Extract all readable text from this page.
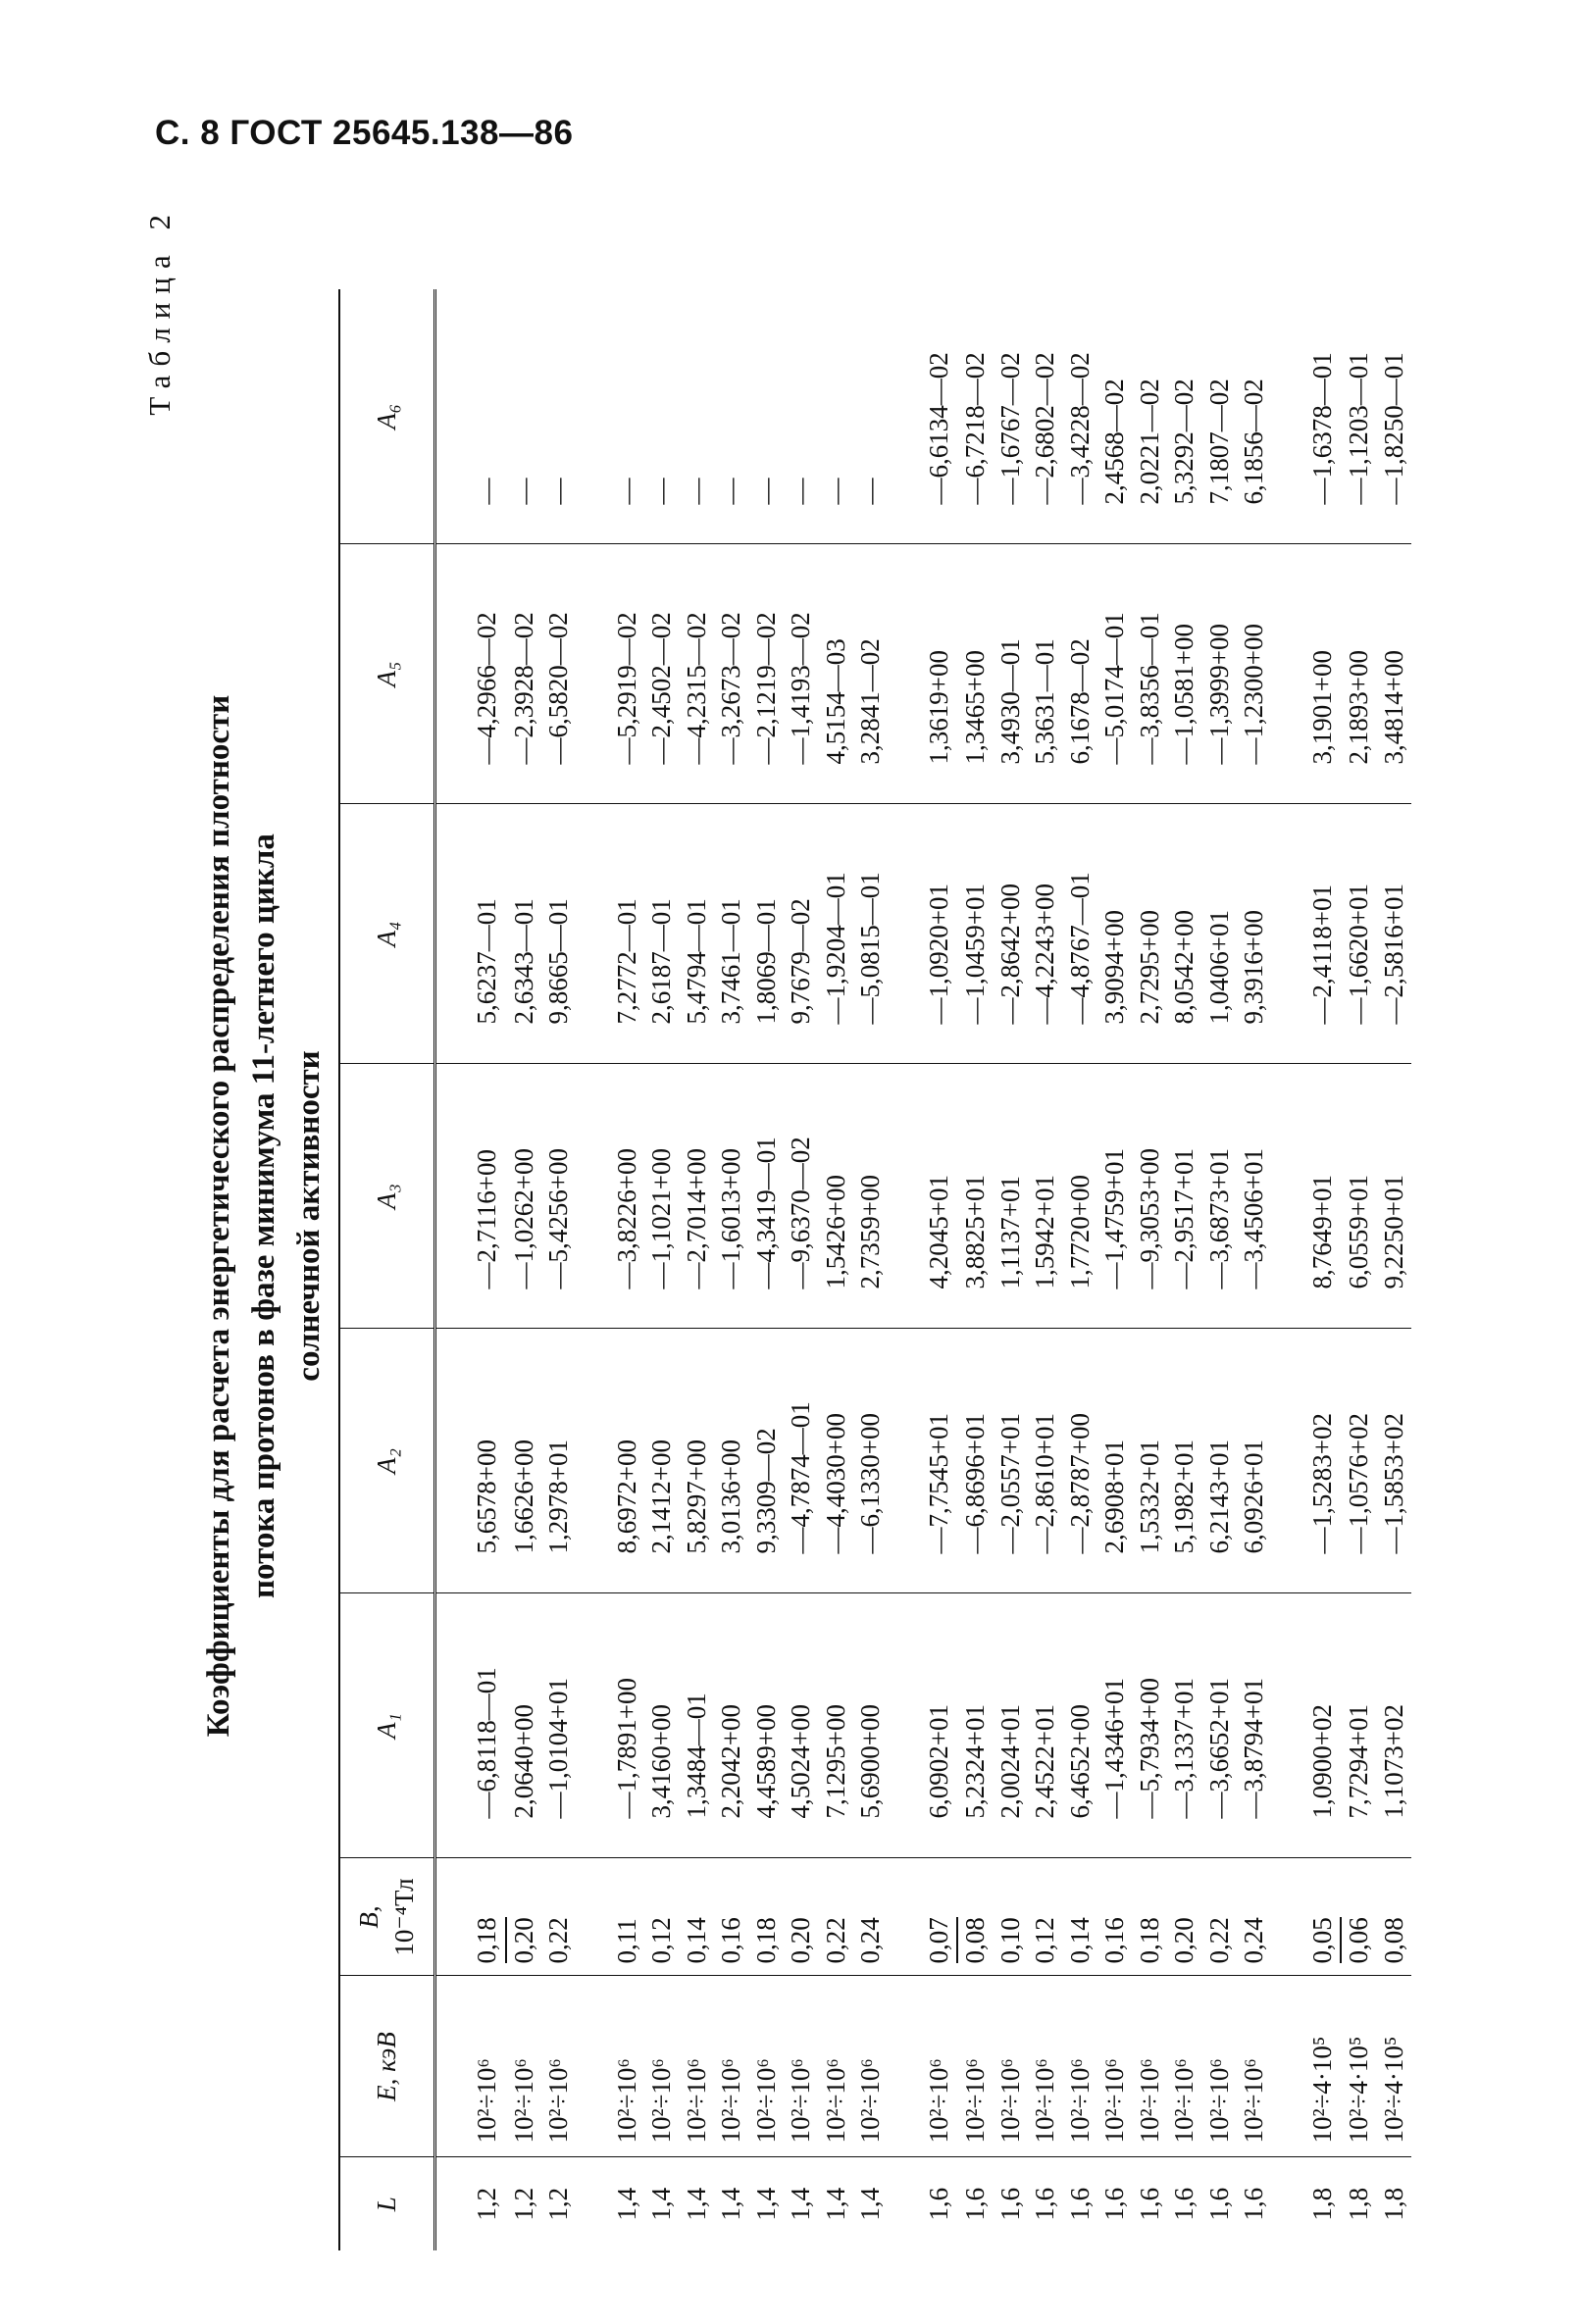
С. 8 ГОСТ 25645.138—86
Таблица 2
Коэффициенты для расчета энергетического распределения плотности потока протонов в фазе минимума 11-летнего цикла солнечной активности
L	E, кэВ	B, 10⁻⁴Тл	A₁	A₂	A₃	A₄	A₅	A₆

1,2	10²÷10⁶	0,18	—6,8118—01	5,6578+00	—2,7116+00	5,6237—01	—4,2966—02	—
1,2	10²÷10⁶	0,20	2,0640+00	1,6626+00	—1,0262+00	2,6343—01	—2,3928—02	—
1,2	10²÷10⁶	0,22	—1,0104+01	1,2978+01	—5,4256+00	9,8665—01	—6,5820—02	—

1,4	10²÷10⁶	0,11	—1,7891+00	8,6972+00	—3,8226+00	7,2772—01	—5,2919—02	—
1,4	10²÷10⁶	0,12	3,4160+00	2,1412+00	—1,1021+00	2,6187—01	—2,4502—02	—
1,4	10²÷10⁶	0,14	1,3484—01	5,8297+00	—2,7014+00	5,4794—01	—4,2315—02	—
1,4	10²÷10⁶	0,16	2,2042+00	3,0136+00	—1,6013+00	3,7461—01	—3,2673—02	—
1,4	10²÷10⁶	0,18	4,4589+00	9,3309—02	—4,3419—01	1,8069—01	—2,1219—02	—
1,4	10²÷10⁶	0,20	4,5024+00	—4,7874—01	—9,6370—02	9,7679—02	—1,4193—02	—
1,4	10²÷10⁶	0,22	7,1295+00	—4,4030+00	1,5426+00	—1,9204—01	4,5154—03	—
1,4	10²÷10⁶	0,24	5,6900+00	—6,1330+00	2,7359+00	—5,0815—01	3,2841—02	—

1,6	10²÷10⁶	0,07	6,0902+01	—7,7545+01	4,2045+01	—1,0920+01	1,3619+00	—6,6134—02
1,6	10²÷10⁶	0,08	5,2324+01	—6,8696+01	3,8825+01	—1,0459+01	1,3465+00	—6,7218—02
1,6	10²÷10⁶	0,10	2,0024+01	—2,0557+01	1,1137+01	—2,8642+00	3,4930—01	—1,6767—02
1,6	10²÷10⁶	0,12	2,4522+01	—2,8610+01	1,5942+01	—4,2243+00	5,3631—01	—2,6802—02
1,6	10²÷10⁶	0,14	6,4652+00	—2,8787+00	1,7720+00	—4,8767—01	6,1678—02	—3,4228—02
1,6	10²÷10⁶	0,16	—1,4346+01	2,6908+01	—1,4759+01	3,9094+00	—5,0174—01	2,4568—02
1,6	10²÷10⁶	0,18	—5,7934+00	1,5332+01	—9,3053+00	2,7295+00	—3,8356—01	2,0221—02
1,6	10²÷10⁶	0,20	—3,1337+01	5,1982+01	—2,9517+01	8,0542+00	—1,0581+00	5,3292—02
1,6	10²÷10⁶	0,22	—3,6652+01	6,2143+01	—3,6873+01	1,0406+01	—1,3999+00	7,1807—02
1,6	10²÷10⁶	0,24	—3,8794+01	6,0926+01	—3,4506+01	9,3916+00	—1,2300+00	6,1856—02

1,8	10²÷4·10⁵	0,05	1,0900+02	—1,5283+02	8,7649+01	—2,4118+01	3,1901+00	—1,6378—01
1,8	10²÷4·10⁵	0,06	7,7294+01	—1,0576+02	6,0559+01	—1,6620+01	2,1893+00	—1,1203—01
1,8	10²÷4·10⁵	0,08	1,1073+02	—1,5853+02	9,2250+01	—2,5816+01	3,4814+00	—1,8250—01
